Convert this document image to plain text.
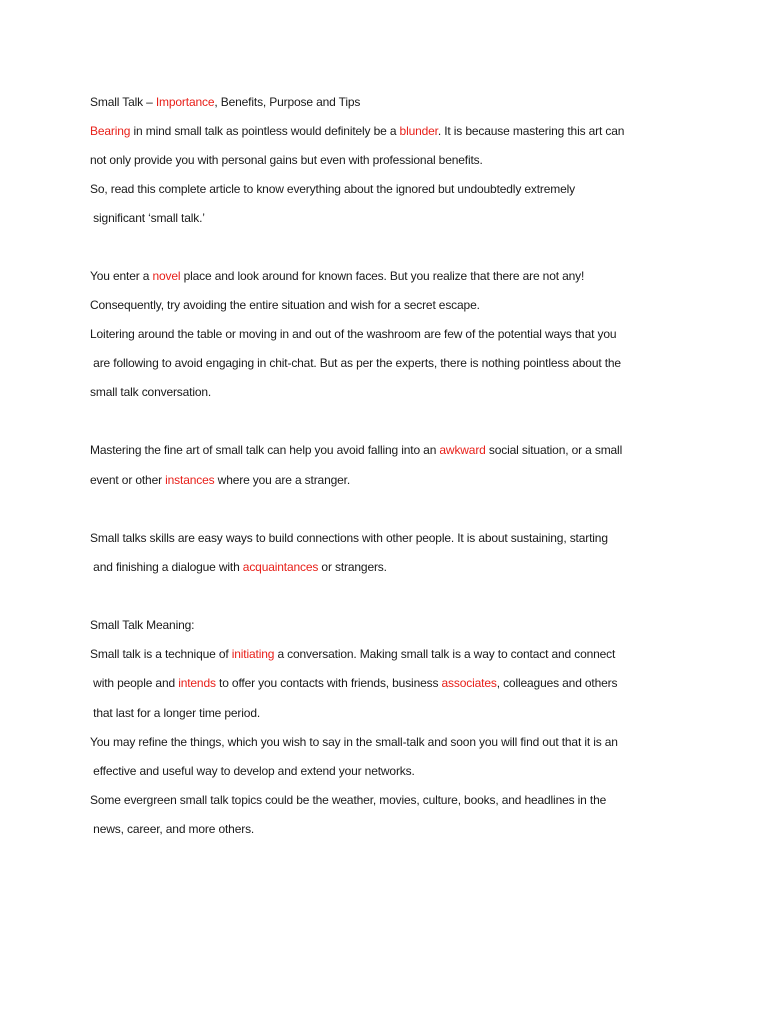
Small Talk – Importance, Benefits, Purpose and Tips

Bearing in mind small talk as pointless would definitely be a blunder. It is because mastering this art can

not only provide you with personal gains but even with professional benefits.

So, read this complete article to know everything about the ignored but undoubtedly extremely

significant ‘small talk.’

You enter a novel place and look around for known faces. But you realize that there are not any!

Consequently, try avoiding the entire situation and wish for a secret escape.

Loitering around the table or moving in and out of the washroom are few of the potential ways that you

are following to avoid engaging in chit-chat. But as per the experts, there is nothing pointless about the

small talk conversation.

Mastering the fine art of small talk can help you avoid falling into an awkward social situation, or a small

event or other instances where you are a stranger.

Small talks skills are easy ways to build connections with other people. It is about sustaining, starting

and finishing a dialogue with acquaintances or strangers.

Small Talk Meaning:

Small talk is a technique of initiating a conversation. Making small talk is a way to contact and connect

with people and intends to offer you contacts with friends, business associates, colleagues and others

that last for a longer time period.

You may refine the things, which you wish to say in the small-talk and soon you will find out that it is an

effective and useful way to develop and extend your networks.

Some evergreen small talk topics could be the weather, movies, culture, books, and headlines in the

news, career, and more others.
